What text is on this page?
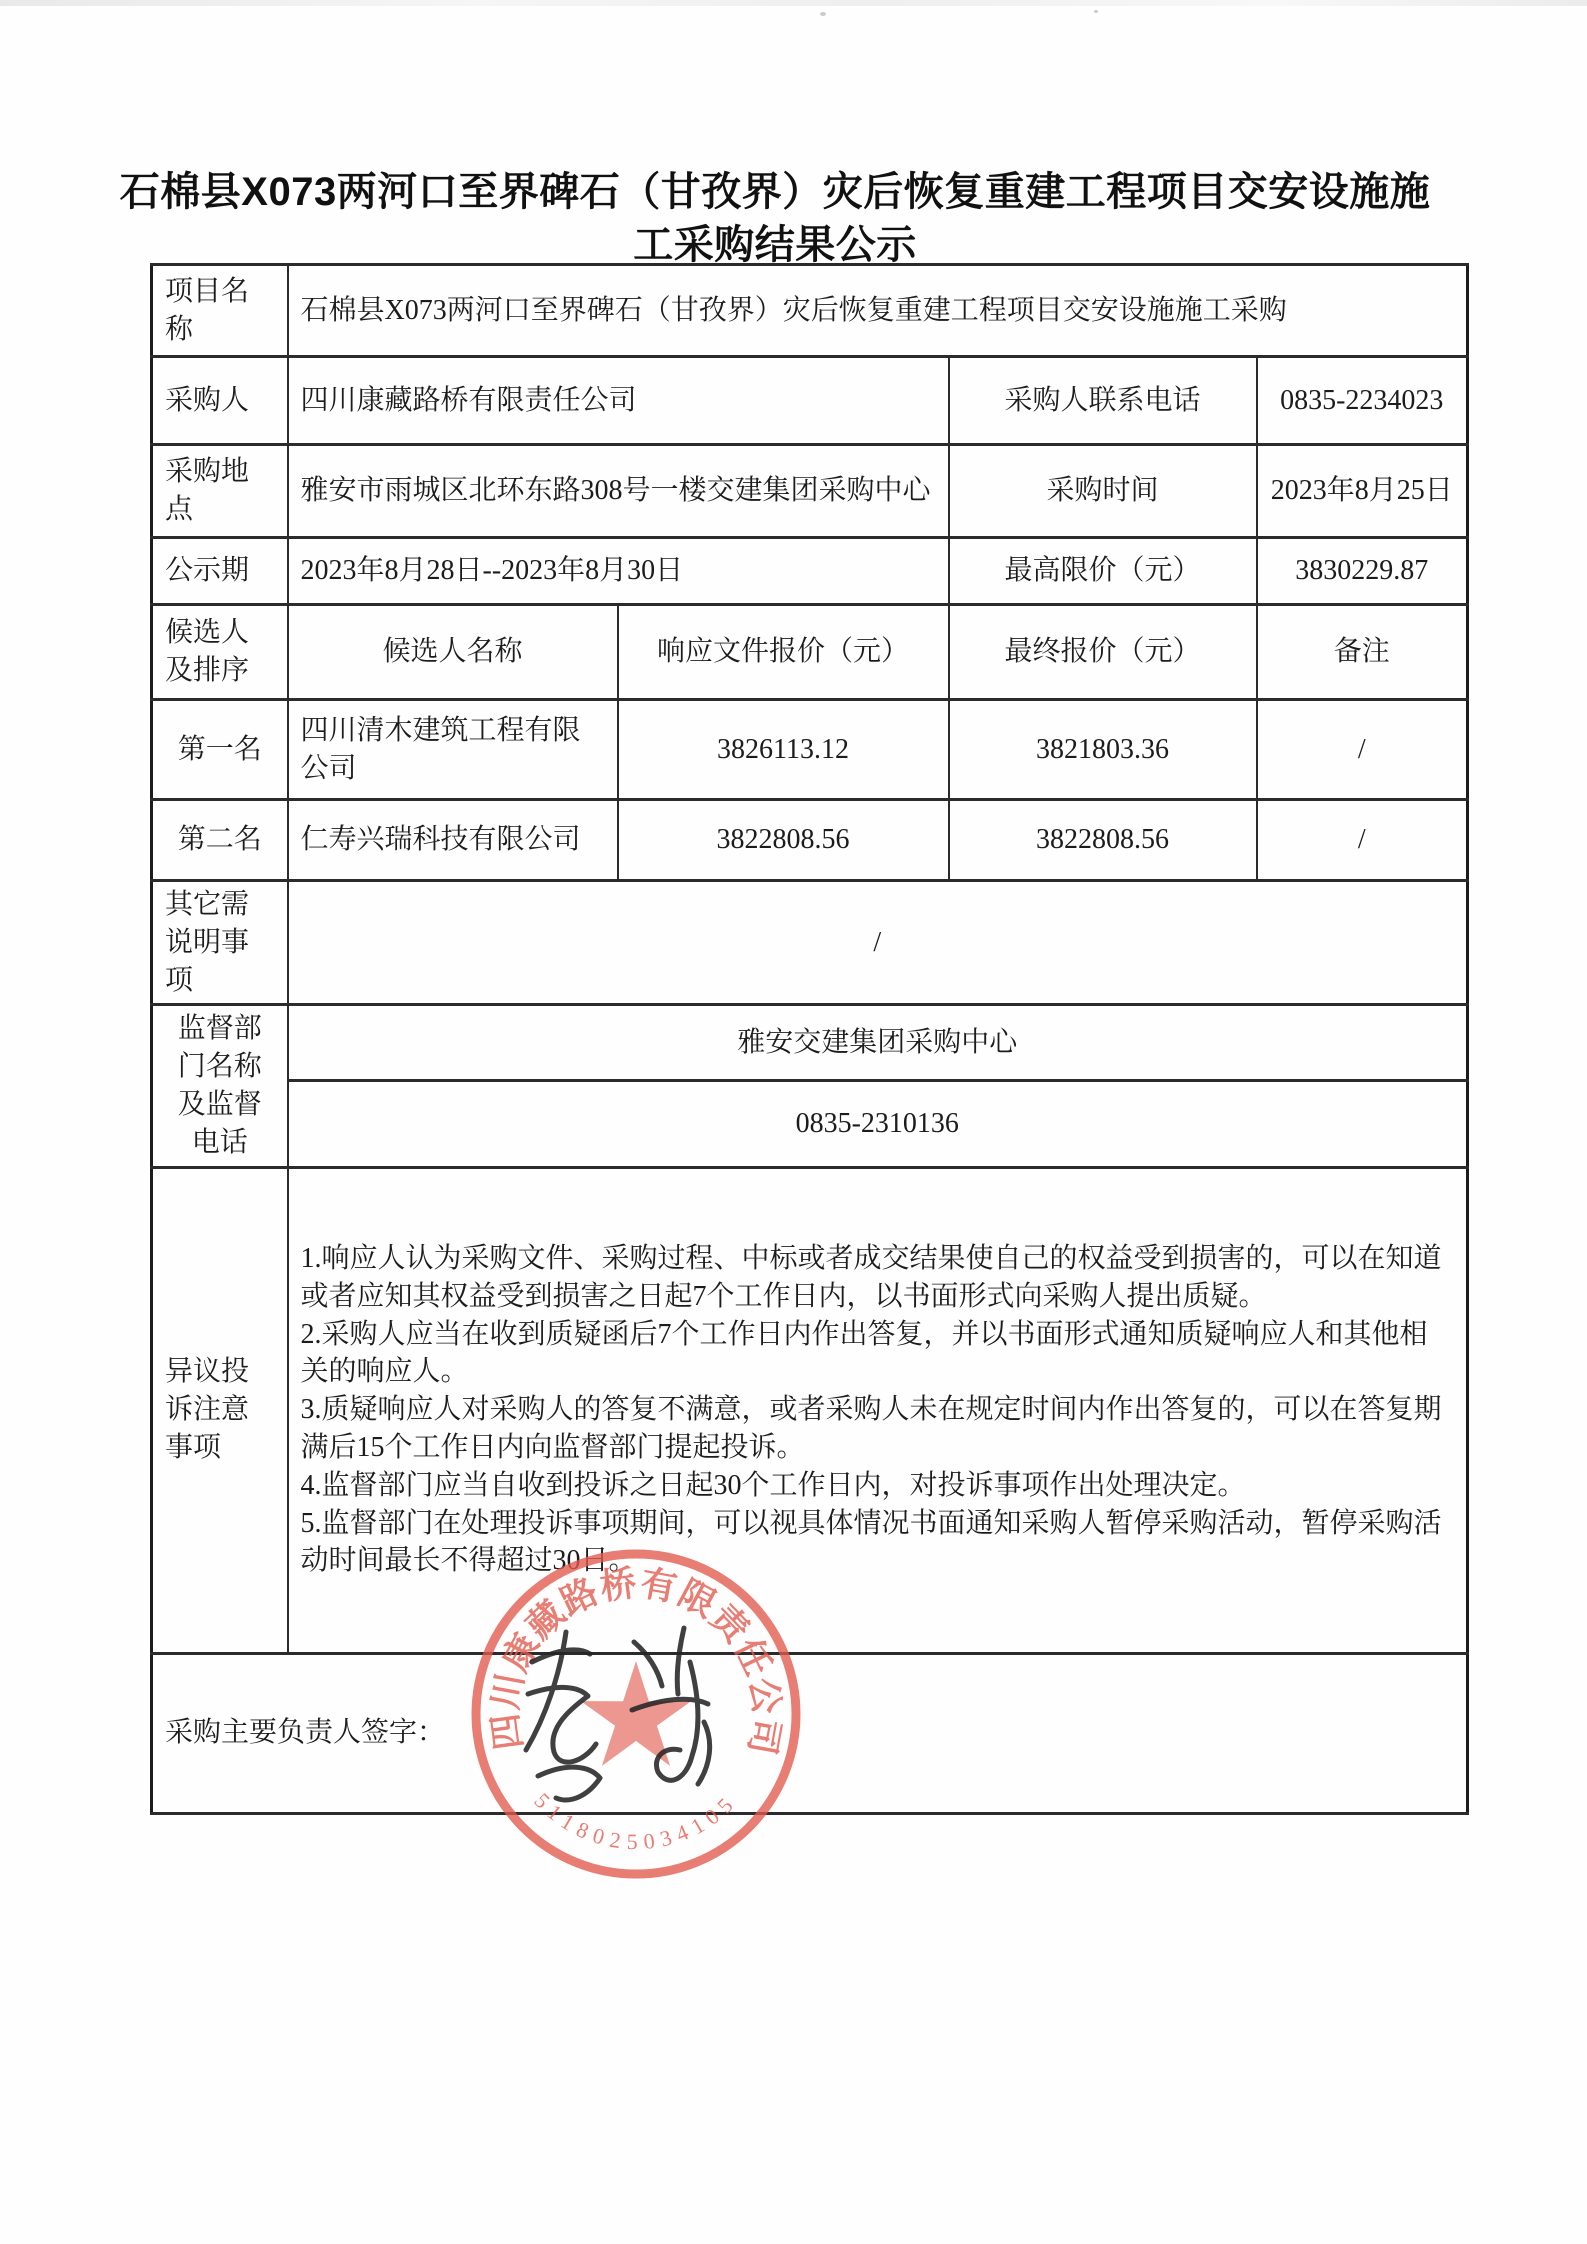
石棉县X073两河口至界碑石（甘孜界）灾后恢复重建工程项目交安设施施工采购结果公示
项目名称	石棉县X073两河口至界碑石（甘孜界）灾后恢复重建工程项目交安设施施工采购			
采购人	四川康藏路桥有限责任公司		采购人联系电话	0835-2234023
采购地点	雅安市雨城区北环东路308号一楼交建集团采购中心		采购时间	2023年8月25日
公示期	2023年8月28日--2023年8月30日		最高限价（元）	3830229.87
候选人及排序	候选人名称	响应文件报价（元）	最终报价（元）	备注
第一名	四川清木建筑工程有限公司	3826113.12	3821803.36	/
第二名	仁寿兴瑞科技有限公司	3822808.56	3822808.56	/
其它需说明事项	/			
监督部门名称及监督电话	雅安交建集团采购中心			
	0835-2310136			
异议投诉注意事项	1.响应人认为采购文件、采购过程、中标或者成交结果使自己的权益受到损害的，可以在知道或者应知其权益受到损害之日起7个工作日内，以书面形式向采购人提出质疑。

2.采购人应当在收到质疑函后7个工作日内作出答复，并以书面形式通知质疑响应人和其他相关的响应人。

3.质疑响应人对采购人的答复不满意，或者采购人未在规定时间内作出答复的，可以在答复期满后15个工作日内向监督部门提起投诉。

4.监督部门应当自收到投诉之日起30个工作日内，对投诉事项作出处理决定。

5.监督部门在处理投诉事项期间，可以视具体情况书面通知采购人暂停采购活动，暂停采购活动时间最长不得超过30日。			

采购主要负责人签字：				四川康藏路桥有限责任公司
5118025034105
